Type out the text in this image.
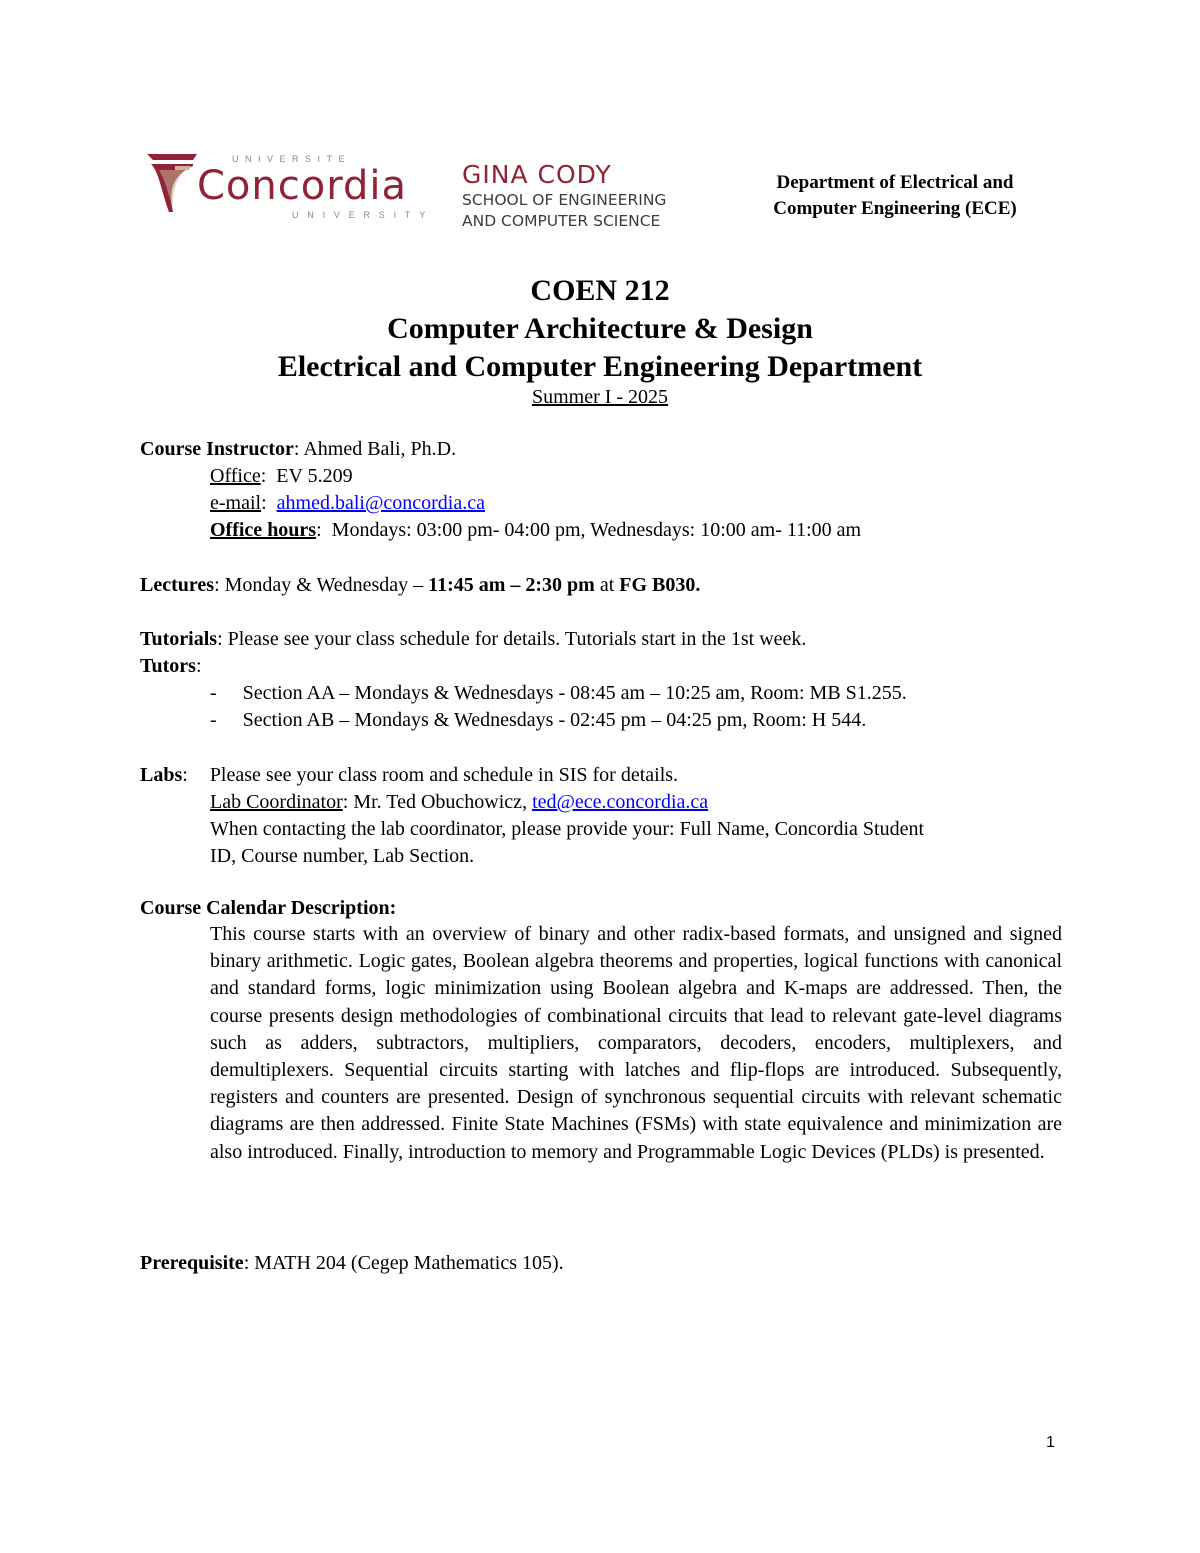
UNIVERSITE
Concordia
UNIVERSITY
GINA CODY
SCHOOL OF ENGINEERING
AND COMPUTER SCIENCE
Department of Electrical and
Computer Engineering (ECE)
COEN 212
Computer Architecture & Design
Electrical and Computer Engineering Department
Summer I - 2025
Course Instructor: Ahmed Bali, Ph.D.
Office:  EV 5.209
e-mail:  ahmed.bali@concordia.ca
Office hours:  Mondays: 03:00 pm- 04:00 pm, Wednesdays: 10:00 am- 11:00 am
Lectures: Monday & Wednesday – 11:45 am – 2:30 pm at FG B030.
Tutorials: Please see your class schedule for details. Tutorials start in the 1st week.
Tutors:
- Section AA – Mondays & Wednesdays - 08:45 am – 10:25 am, Room: MB S1.255.
- Section AB – Mondays & Wednesdays - 02:45 pm – 04:25 pm, Room: H 544.
Labs: Please see your class room and schedule in SIS for details.
Lab Coordinator: Mr. Ted Obuchowicz, ted@ece.concordia.ca
When contacting the lab coordinator, please provide your: Full Name, Concordia Student
ID, Course number, Lab Section.
Course Calendar Description:
This course starts with an overview of binary and other radix-based formats, and unsigned and signed binary arithmetic. Logic gates, Boolean algebra theorems and properties, logical functions with canonical and standard forms, logic minimization using Boolean algebra and K-maps are addressed. Then, the course presents design methodologies of combinational circuits that lead to relevant gate-level diagrams such as adders, subtractors, multipliers, comparators, decoders, encoders, multiplexers, and demultiplexers. Sequential circuits starting with latches and flip-flops are introduced. Subsequently, registers and counters are presented. Design of synchronous sequential circuits with relevant schematic diagrams are then addressed. Finite State Machines (FSMs) with state equivalence and minimization are also introduced. Finally, introduction to memory and Programmable Logic Devices (PLDs) is presented.
Prerequisite: MATH 204 (Cegep Mathematics 105).
1
